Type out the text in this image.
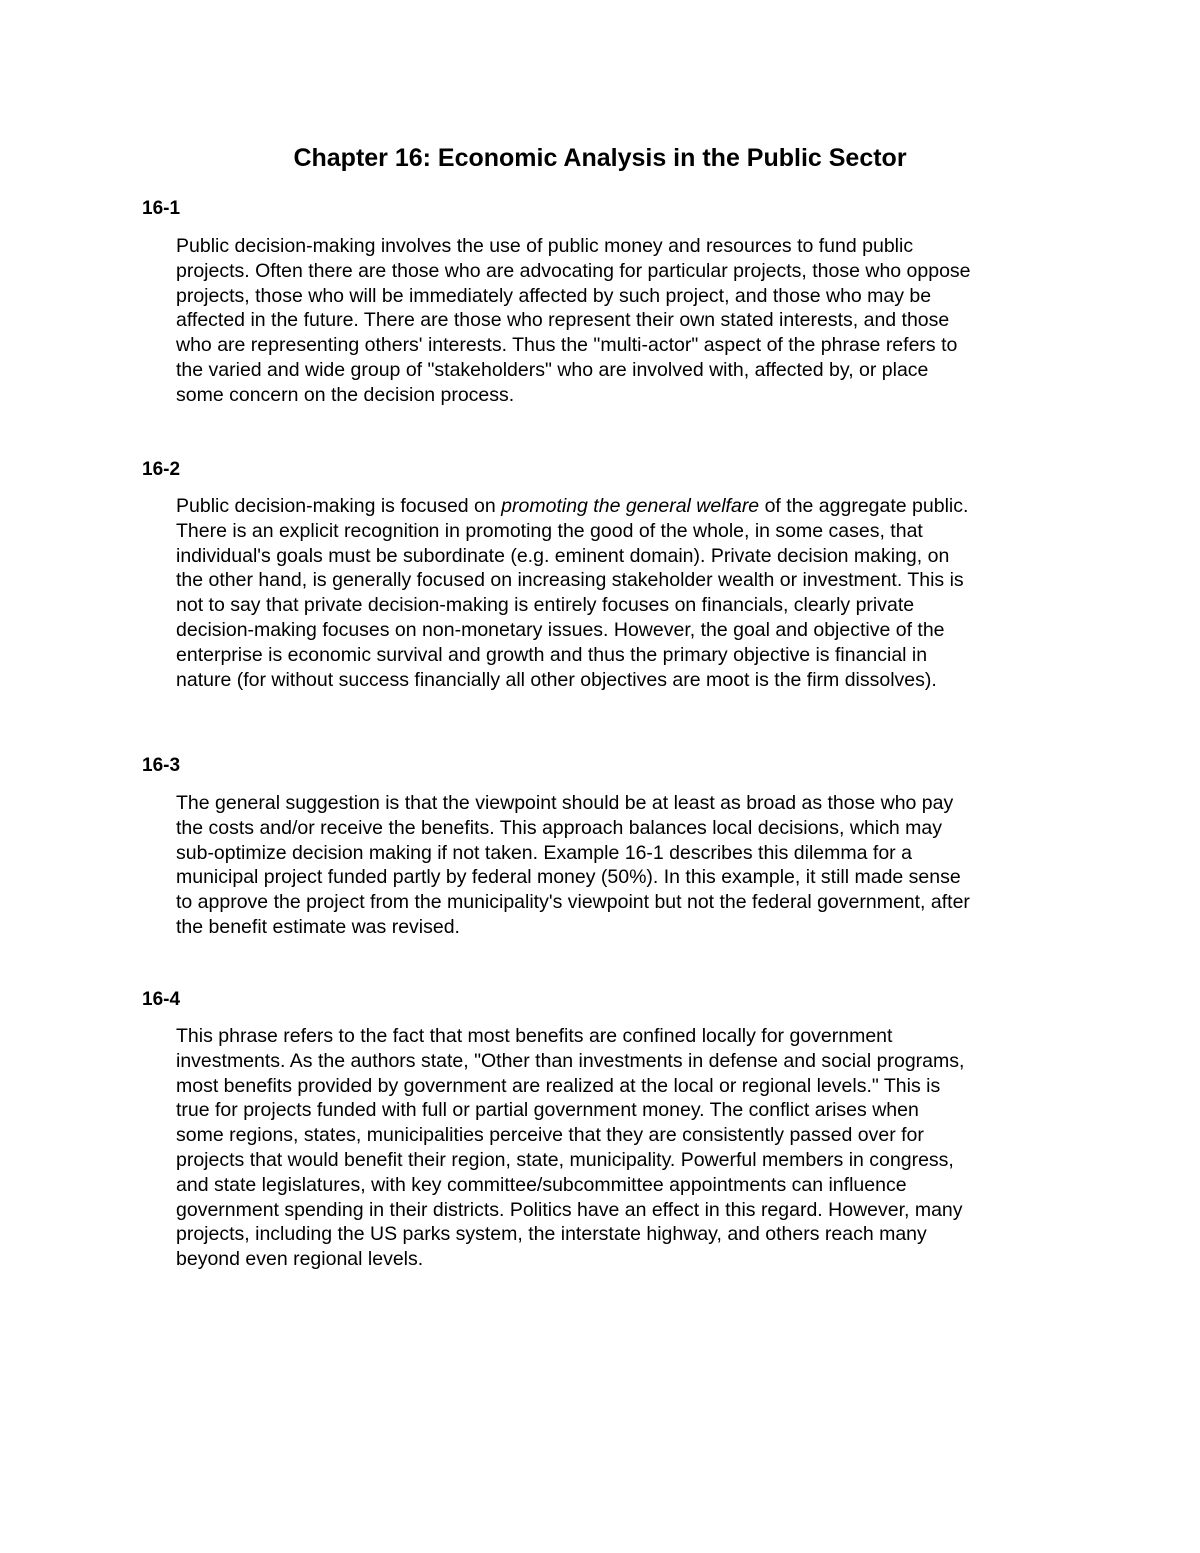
Chapter 16: Economic Analysis in the Public Sector
16-1
Public decision-making involves the use of public money and resources to fund public
projects. Often there are those who are advocating for particular projects, those who oppose
projects, those who will be immediately affected by such project, and those who may be
affected in the future. There are those who represent their own stated interests, and those
who are representing others' interests. Thus the "multi-actor" aspect of the phrase refers to
the varied and wide group of "stakeholders" who are involved with, affected by, or place
some concern on the decision process.
16-2
Public decision-making is focused on promoting the general welfare of the aggregate public.
There is an explicit recognition in promoting the good of the whole, in some cases, that
individual's goals must be subordinate (e.g. eminent domain). Private decision making, on
the other hand, is generally focused on increasing stakeholder wealth or investment. This is
not to say that private decision-making is entirely focuses on financials, clearly private
decision-making focuses on non-monetary issues. However, the goal and objective of the
enterprise is economic survival and growth and thus the primary objective is financial in
nature (for without success financially all other objectives are moot is the firm dissolves).
16-3
The general suggestion is that the viewpoint should be at least as broad as those who pay
the costs and/or receive the benefits. This approach balances local decisions, which may
sub-optimize decision making if not taken. Example 16-1 describes this dilemma for a
municipal project funded partly by federal money (50%). In this example, it still made sense
to approve the project from the municipality's viewpoint but not the federal government, after
the benefit estimate was revised.
16-4
This phrase refers to the fact that most benefits are confined locally for government
investments. As the authors state, "Other than investments in defense and social programs,
most benefits provided by government are realized at the local or regional levels." This is
true for projects funded with full or partial government money. The conflict arises when
some regions, states, municipalities perceive that they are consistently passed over for
projects that would benefit their region, state, municipality. Powerful members in congress,
and state legislatures, with key committee/subcommittee appointments can influence
government spending in their districts. Politics have an effect in this regard. However, many
projects, including the US parks system, the interstate highway, and others reach many
beyond even regional levels.
